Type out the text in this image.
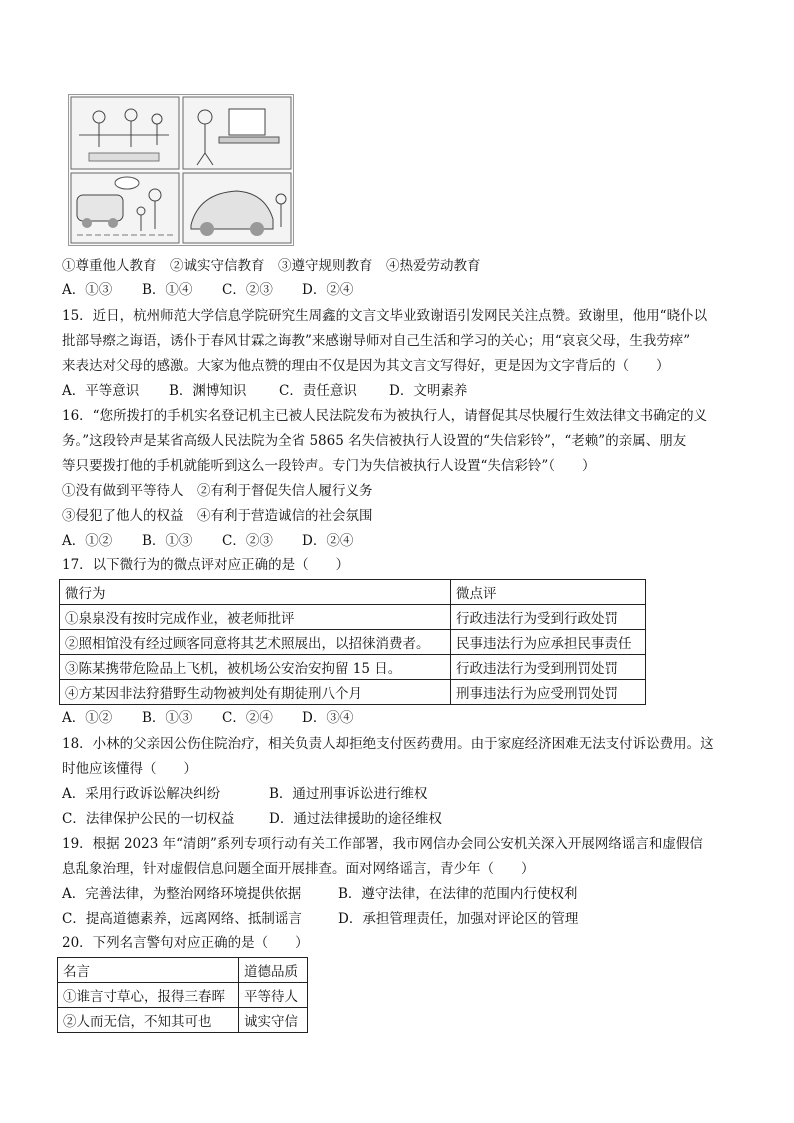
①尊重他人教育　②诚实守信教育　③遵守规则教育　④热爱劳动教育
A．①③ B．①④ C．②③ D．②④
15．近日，杭州师范大学信息学院研究生周鑫的文言文毕业致谢语引发网民关注点赞。致谢里，他用“晓仆以
批部导瘵之诲语，诱仆于春风甘霖之诲教”来感谢导师对自己生活和学习的关心；用“哀哀父母，生我劳瘁”
来表达对父母的感激。大家为他点赞的理由不仅是因为其文言文写得好，更是因为文字背后的（　　）
A．平等意识 B．渊博知识 C．责任意识 D．文明素养
16．“您所拨打的手机实名登记机主已被人民法院发布为被执行人，请督促其尽快履行生效法律文书确定的义
务。”这段铃声是某省高级人民法院为全省 5865 名失信被执行人设置的“失信彩铃”，“老赖”的亲属、朋友
等只要拨打他的手机就能听到这么一段铃声。专门为失信被执行人设置“失信彩铃”（　　）
①没有做到平等待人　②有利于督促失信人履行义务
③侵犯了他人的权益　④有利于营造诚信的社会氛围
A．①② B．①③ C．②③ D．②④
17．以下微行为的微点评对应正确的是（　　）
微行为	微点评
①泉泉没有按时完成作业，被老师批评	行政违法行为受到行政处罚
②照相馆没有经过顾客同意将其艺术照展出，以招徕消费者。	民事违法行为应承担民事责任
③陈某携带危险品上飞机，被机场公安治安拘留 15 日。	行政违法行为受到刑罚处罚
④方某因非法狩猎野生动物被判处有期徒刑八个月	刑事违法行为应受刑罚处罚
A．①② B．①③ C．②④ D．③④
18．小林的父亲因公伤住院治疗，相关负责人却拒绝支付医药费用。由于家庭经济困难无法支付诉讼费用。这
时他应该懂得（　　）
A．采用行政诉讼解决纠纷	B．通过刑事诉讼进行维权
C．法律保护公民的一切权益	D．通过法律援助的途径维权
19．根据 2023 年“清朗”系列专项行动有关工作部署，我市网信办会同公安机关深入开展网络谣言和虚假信
息乱象治理，针对虚假信息问题全面开展排查。面对网络谣言，青少年（　　）
A．完善法律，为整治网络环境提供依据	B．遵守法律，在法律的范围内行使权利
C．提高道德素养，远离网络、抵制谣言	D．承担管理责任，加强对评论区的管理
20．下列名言警句对应正确的是（　　）
名言	道德品质
①谁言寸草心，报得三春晖	平等待人
②人而无信，不知其可也	诚实守信
